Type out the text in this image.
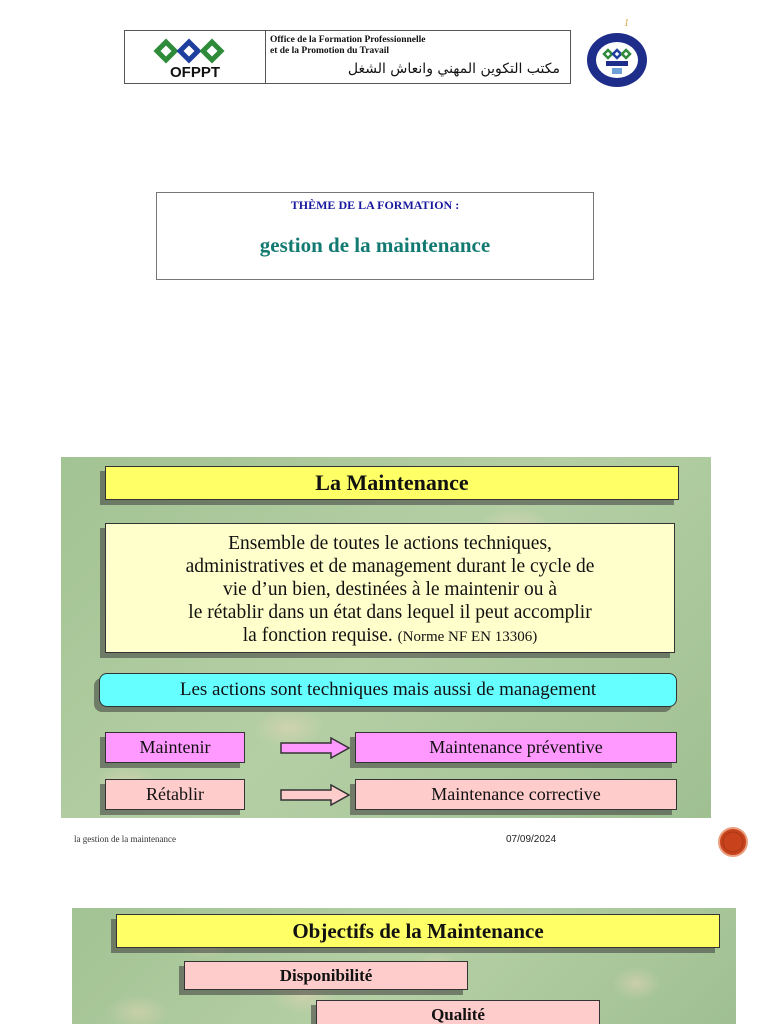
OFPPT
Office de la Formation Professionnelle
et de la Promotion du Travail
مكتب التكوين المهني وانعاش الشغل
1
THÈME DE LA FORMATION :
gestion de la maintenance
La Maintenance
Ensemble de toutes le actions techniques,
administratives et de management durant le cycle de
vie d’un bien, destinées à le maintenir ou à
le rétablir dans un état dans lequel il peut accomplir
la fonction requise. (Norme NF EN 13306)
Les actions sont techniques mais aussi de management
Maintenir	Maintenance préventive
Rétablir	Maintenance corrective
la gestion de la maintenance	07/09/2024
Objectifs de la Maintenance
Disponibilité
Qualité
